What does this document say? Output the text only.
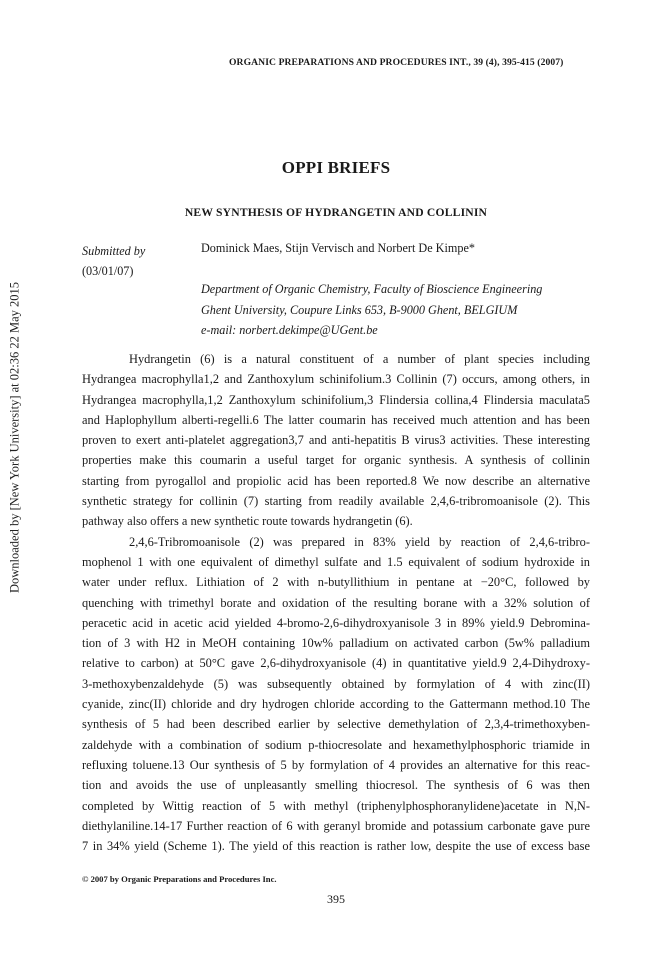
Downloaded by [New York University] at 02:36 22 May 2015
ORGANIC PREPARATIONS AND PROCEDURES INT., 39 (4), 395-415 (2007)
OPPI BRIEFS
NEW SYNTHESIS OF HYDRANGETIN AND COLLININ
Submitted by
(03/01/07)
Dominick Maes, Stijn Vervisch and Norbert De Kimpe*
Department of Organic Chemistry, Faculty of Bioscience Engineering
Ghent University, Coupure Links 653, B-9000 Ghent, BELGIUM
e-mail: norbert.dekimpe@UGent.be
Hydrangetin (6) is a natural constituent of a number of plant species including
Hydrangea macrophylla1,2 and Zanthoxylum schinifolium.3 Collinin (7) occurs, among others, in
Hydrangea macrophylla,1,2 Zanthoxylum schinifolium,3 Flindersia collina,4 Flindersia maculata5
and Haplophyllum alberti-regelli.6 The latter coumarin has received much attention and has been
proven to exert anti-platelet aggregation3,7 and anti-hepatitis B virus3 activities. These interesting
properties make this coumarin a useful target for organic synthesis. A synthesis of collinin
starting from pyrogallol and propiolic acid has been reported.8 We now describe an alternative
synthetic strategy for collinin (7) starting from readily available 2,4,6-tribromoanisole (2). This
pathway also offers a new synthetic route towards hydrangetin (6).
2,4,6-Tribromoanisole (2) was prepared in 83% yield by reaction of 2,4,6-tribro-
mophenol 1 with one equivalent of dimethyl sulfate and 1.5 equivalent of sodium hydroxide in
water under reflux. Lithiation of 2 with n-butyllithium in pentane at −20°C, followed by
quenching with trimethyl borate and oxidation of the resulting borane with a 32% solution of
peracetic acid in acetic acid yielded 4-bromo-2,6-dihydroxyanisole 3 in 89% yield.9 Debromina-
tion of 3 with H2 in MeOH containing 10w% palladium on activated carbon (5w% palladium
relative to carbon) at 50°C gave 2,6-dihydroxyanisole (4) in quantitative yield.9 2,4-Dihydroxy-
3-methoxybenzaldehyde (5) was subsequently obtained by formylation of 4 with zinc(II)
cyanide, zinc(II) chloride and dry hydrogen chloride according to the Gattermann method.10 The
synthesis of 5 had been described earlier by selective demethylation of 2,3,4-trimethoxyben-
zaldehyde with a combination of sodium p-thiocresolate and hexamethylphosphoric triamide in
refluxing toluene.13 Our synthesis of 5 by formylation of 4 provides an alternative for this reac-
tion and avoids the use of unpleasantly smelling thiocresol. The synthesis of 6 was then
completed by Wittig reaction of 5 with methyl (triphenylphosphoranylidene)acetate in N,N-
diethylaniline.14-17 Further reaction of 6 with geranyl bromide and potassium carbonate gave pure
7 in 34% yield (Scheme 1). The yield of this reaction is rather low, despite the use of excess base
© 2007 by Organic Preparations and Procedures Inc.
395
